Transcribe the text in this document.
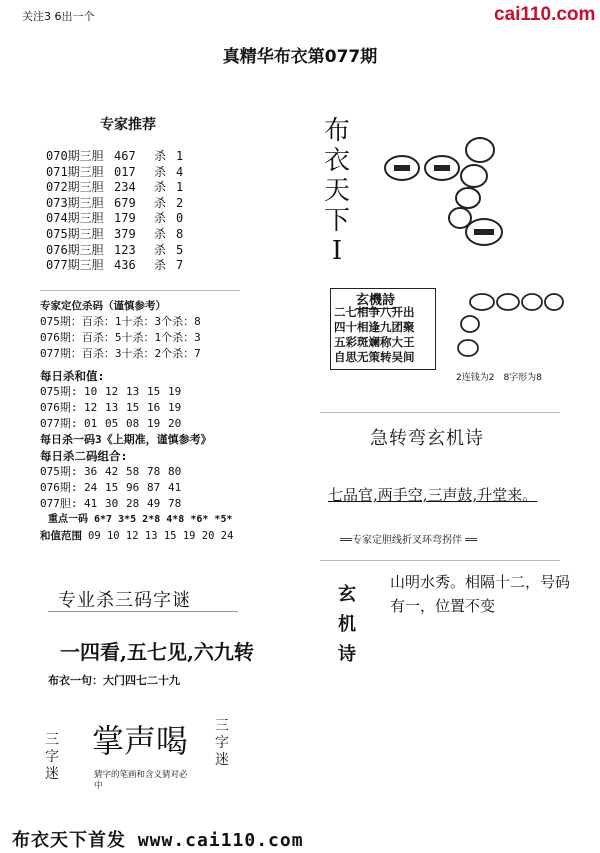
关注3 6出一个	cai110.com
真精华布衣第077期
专家推荐
070期三胆 467 杀 1
071期三胆 017 杀 4
072期三胆 234 杀 1
073期三胆 679 杀 2
074期三胆 179 杀 0
075期三胆 379 杀 8
076期三胆 123 杀 5
077期三胆 436 杀 7
专家定位杀码（谨慎参考）
075期：百杀：1十杀：3个杀：8
076期：百杀：5十杀：1个杀：3
077期：百杀：3十杀：2个杀：7
每日杀和值:
075期: 10 12 13 15 19
076期: 12 13 15 16 19
077期: 01 05 08 19 20
每日杀一码3《上期准，谨慎参考》
每日杀二码组合:
075期: 36 42 58 78 80
076期: 24 15 96 87 41
077胆: 41 30 28 49 78
重点一码 6*7 3*5 2*8 4*8 *6* *5*
和值范围 09 10 12 13 15 19 20 24
专业杀三码字谜
一四看,五七见,六九转
布衣一句：大门四七二十九
三字迷
掌声喝
猜字的笔画和含义猜对必中
三字迷
布衣天下I
玄機詩
二七相争八开出
四十相逢九团聚
五彩斑斓称大王
自思无策转吴间
2连钱为2　8字形为8
急转弯玄机诗
七品官,两手空,三声鼓,升堂来。
══专家定胆线折叉环弯拐伴 ══
玄机诗
山明水秀。相隔十二，号码有一，位置不变
布衣天下首发 www.cai110.com
